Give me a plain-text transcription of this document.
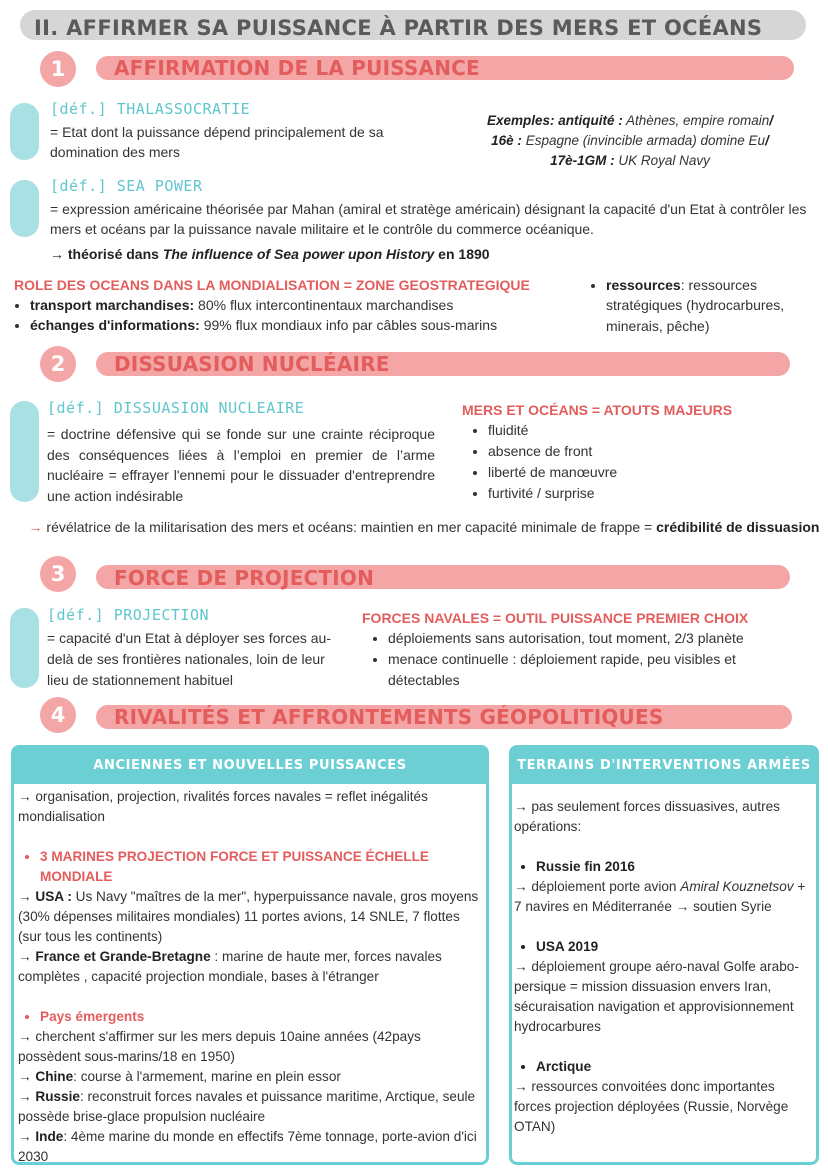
II. AFFIRMER SA PUISSANCE À PARTIR DES MERS ET OCÉANS
1	AFFIRMATION DE LA PUISSANCE
[déf.] THALASSOCRATIE
= Etat dont la puissance dépend principalement de sa domination des mers
Exemples: antiquité : Athènes, empire romain/
16è : Espagne (invincible armada) domine Eu/
17è-1GM : UK Royal Navy
[déf.] SEA POWER
= expression américaine théorisée par Mahan (amiral et stratège américain) désignant la capacité d'un Etat à contrôler les mers et océans par la puissance navale militaire et le contrôle du commerce océanique.
→ théorisé dans The influence of Sea power upon History en 1890
ROLE DES OCEANS DANS LA MONDIALISATION = ZONE GEOSTRATEGIQUE
• transport marchandises: 80% flux intercontinentaux marchandises
• échanges d'informations: 99% flux mondiaux info par câbles sous-marins
• ressources: ressources stratégiques (hydrocarbures, minerais, pêche)
2	DISSUASION NUCLÉAIRE
[déf.] DISSUASION NUCLEAIRE
= doctrine défensive qui se fonde sur une crainte réciproque des conséquences liées à l’emploi en premier de l’arme nucléaire = effrayer l'ennemi pour le dissuader d'entreprendre une action indésirable
MERS ET OCÉANS = ATOUTS MAJEURS
• fluidité
• absence de front
• liberté de manœuvre
• furtivité / surprise
→ révélatrice de la militarisation des mers et océans: maintien en mer capacité minimale de frappe = crédibilité de dissuasion
3	FORCE DE PROJECTION
[déf.] PROJECTION
= capacité d'un Etat à déployer ses forces au-delà de ses frontières nationales, loin de leur lieu de stationnement habituel
FORCES NAVALES = OUTIL PUISSANCE PREMIER CHOIX
• déploiements sans autorisation, tout moment, 2/3 planète
• menace continuelle : déploiement rapide, peu visibles et détectables
4	RIVALITÉS ET AFFRONTEMENTS GÉOPOLITIQUES
ANCIENNES ET NOUVELLES PUISSANCES
→ organisation, projection, rivalités forces navales = reflet inégalités mondialisation
• 3 MARINES PROJECTION FORCE ET PUISSANCE ÉCHELLE MONDIALE
→ USA : Us Navy "maîtres de la mer", hyperpuissance navale, gros moyens (30% dépenses militaires mondiales) 11 portes avions, 14 SNLE, 7 flottes (sur tous les continents)
→ France et Grande-Bretagne : marine de haute mer, forces navales complètes , capacité projection mondiale, bases à l'étranger
• Pays émergents
→ cherchent s'affirmer sur les mers depuis 10aine années (42pays possèdent sous-marins/18 en 1950)
→ Chine: course à l'armement, marine en plein essor
→ Russie: reconstruit forces navales et puissance maritime, Arctique, seule possède brise-glace propulsion nucléaire
→ Inde: 4ème marine du monde en effectifs 7ème tonnage, porte-avion d'ici 2030
TERRAINS D'INTERVENTIONS ARMÉES
→ pas seulement forces dissuasives, autres opérations:
• Russie fin 2016
→ déploiement porte avion Amiral Kouznetsov + 7 navires en Méditerranée → soutien Syrie
• USA 2019
→ déploiement groupe aéro-naval Golfe arabo-persique = mission dissuasion envers Iran, sécuraisation navigation et approvisionnement hydrocarbures
• Arctique
→ ressources convoitées donc importantes forces projection déployées (Russie, Norvège OTAN)
